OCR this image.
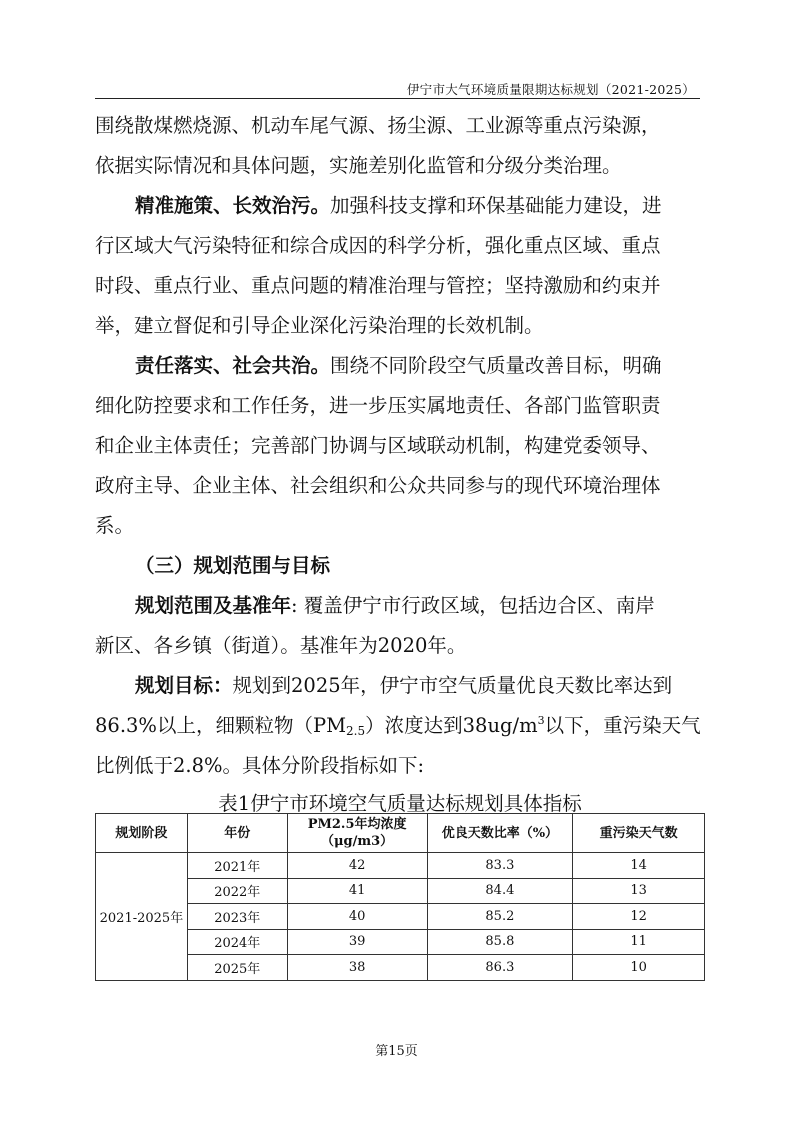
伊宁市大气环境质量限期达标规划（2021-2025）
围绕散煤燃烧源、机动车尾气源、扬尘源、工业源等重点污染源，
依据实际情况和具体问题，实施差别化监管和分级分类治理。
精准施策、长效治污。加强科技支撑和环保基础能力建设，进
行区域大气污染特征和综合成因的科学分析，强化重点区域、重点
时段、重点行业、重点问题的精准治理与管控；坚持激励和约束并
举，建立督促和引导企业深化污染治理的长效机制。
责任落实、社会共治。围绕不同阶段空气质量改善目标，明确
细化防控要求和工作任务，进一步压实属地责任、各部门监管职责
和企业主体责任；完善部门协调与区域联动机制，构建党委领导、
政府主导、企业主体、社会组织和公众共同参与的现代环境治理体
系。
（三）规划范围与目标
规划范围及基准年: 覆盖伊宁市行政区域，包括边合区、南岸
新区、各乡镇（街道）。基准年为2020年。
规划目标：规划到2025年，伊宁市空气质量优良天数比率达到
86.3%以上，细颗粒物$(PM_{2.5})$浓度达到$38ug/m^3$以下，重污染天气
比例低于2.8%。具体分阶段指标如下:
表1伊宁市环境空气质量达标规划具体指标
规划阶段	年份	PM2.5年均浓度
（μg/m3）	优良天数比率（%）	重污染天气数
2021-2025年	2021年	42	83.3	14
	2022年	41	84.4	13
	2023年	40	85.2	12
	2024年	39	85.8	11
	2025年	38	86.3	10
第15页
